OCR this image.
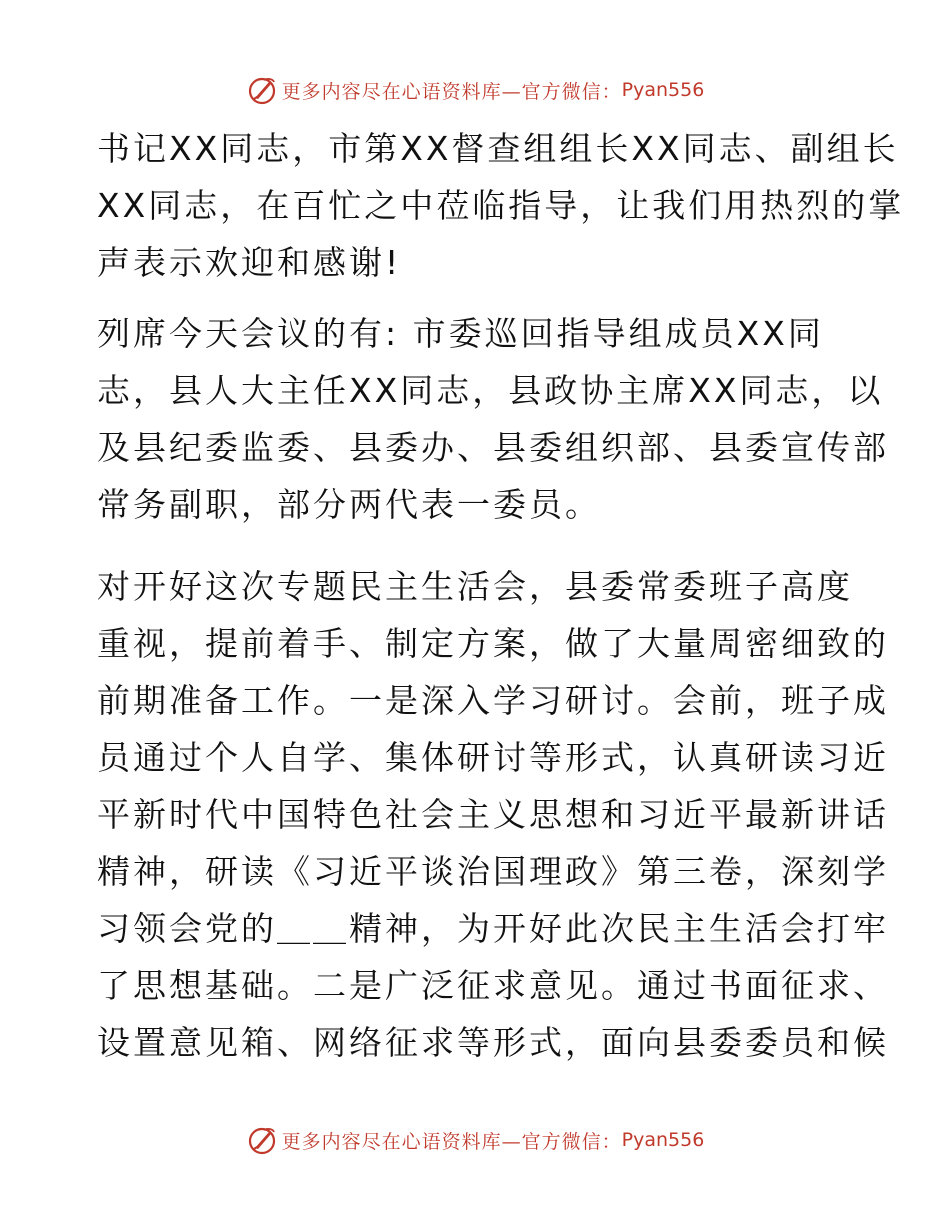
更多内容尽在心语资料库—官方微信： Pyan556
书记XX同志，市第XX督查组组长XX同志、副组长
XX同志，在百忙之中莅临指导，让我们用热烈的掌
声表示欢迎和感谢!
列席今天会议的有: 市委巡回指导组成员XX同
志，县人大主任XX同志，县政协主席XX同志，以
及县纪委监委、县委办、县委组织部、县委宣传部
常务副职，部分两代表一委员。
对开好这次专题民主生活会，县委常委班子高度
重视，提前着手、制定方案，做了大量周密细致的
前期准备工作。一是深入学习研讨。会前，班子成
员通过个人自学、集体研讨等形式，认真研读习近
平新时代中国特色社会主义思想和习近平最新讲话
精神，研读《习近平谈治国理政》第三卷，深刻学
习领会党的＿＿精神，为开好此次民主生活会打牢
了思想基础。二是广泛征求意见。通过书面征求、
设置意见箱、网络征求等形式，面向县委委员和候
更多内容尽在心语资料库—官方微信： Pyan556
